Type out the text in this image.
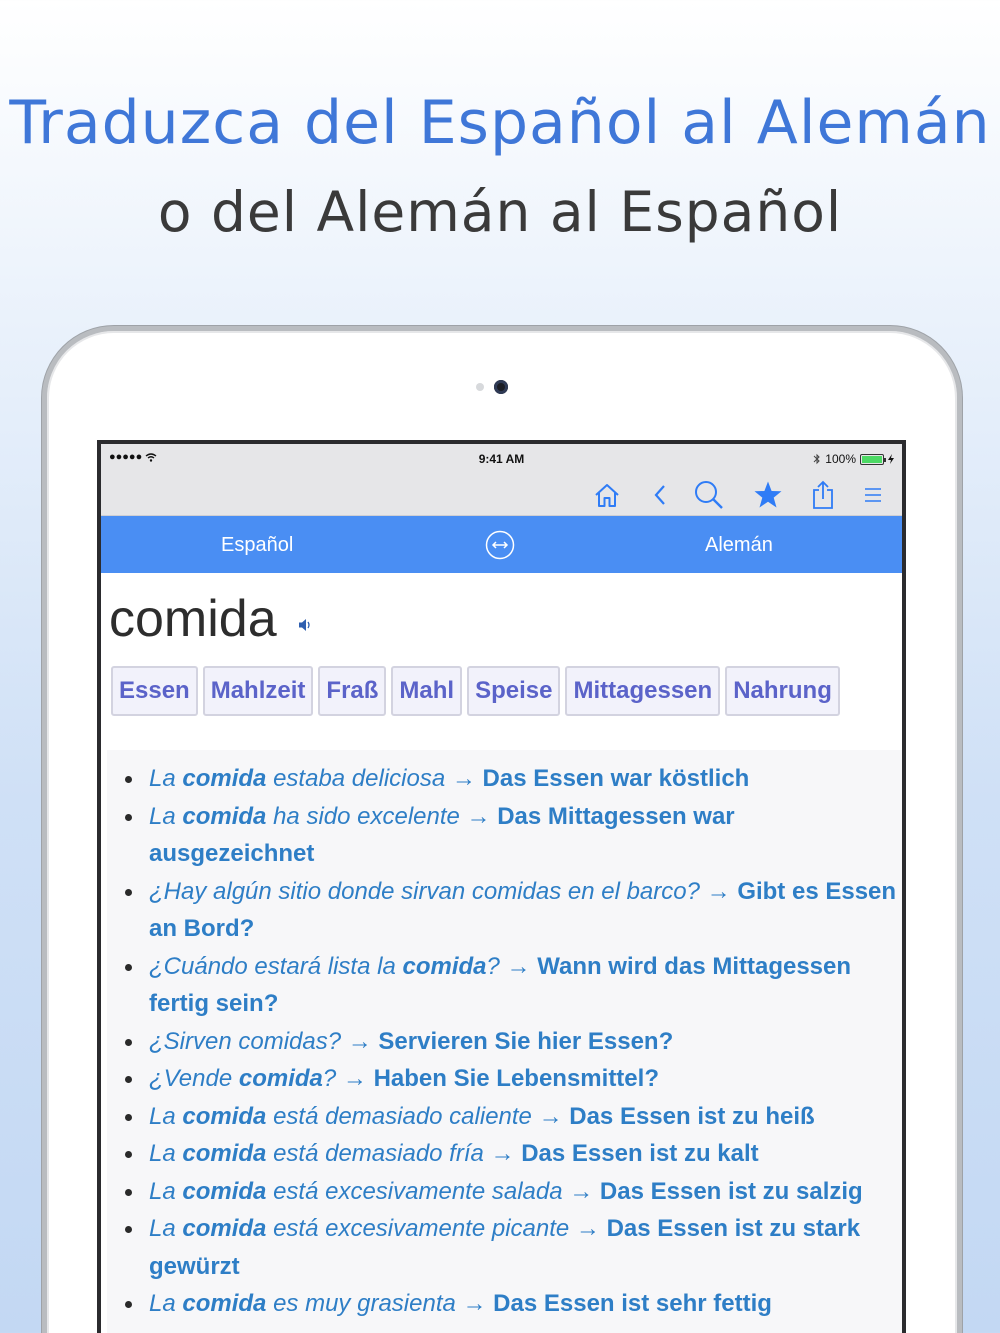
Traduzca del Español al Alemán
o del Alemán al Español
●●●●●	9:41 AM	100%
Español	Alemán
comida
Essen Mahlzeit Fraß Mahl Speise Mittagessen Nahrung
La comida estaba deliciosa → Das Essen war köstlich
La comida ha sido excelente → Das Mittagessen war ausgezeichnet
¿Hay algún sitio donde sirvan comidas en el barco? → Gibt es Essen an Bord?
¿Cuándo estará lista la comida? → Wann wird das Mittagessen fertig sein?
¿Sirven comidas? → Servieren Sie hier Essen?
¿Vende comida? → Haben Sie Lebensmittel?
La comida está demasiado caliente → Das Essen ist zu heiß
La comida está demasiado fría → Das Essen ist zu kalt
La comida está excesivamente salada → Das Essen ist zu salzig
La comida está excesivamente picante → Das Essen ist zu stark gewürzt
La comida es muy grasienta → Das Essen ist sehr fettig
